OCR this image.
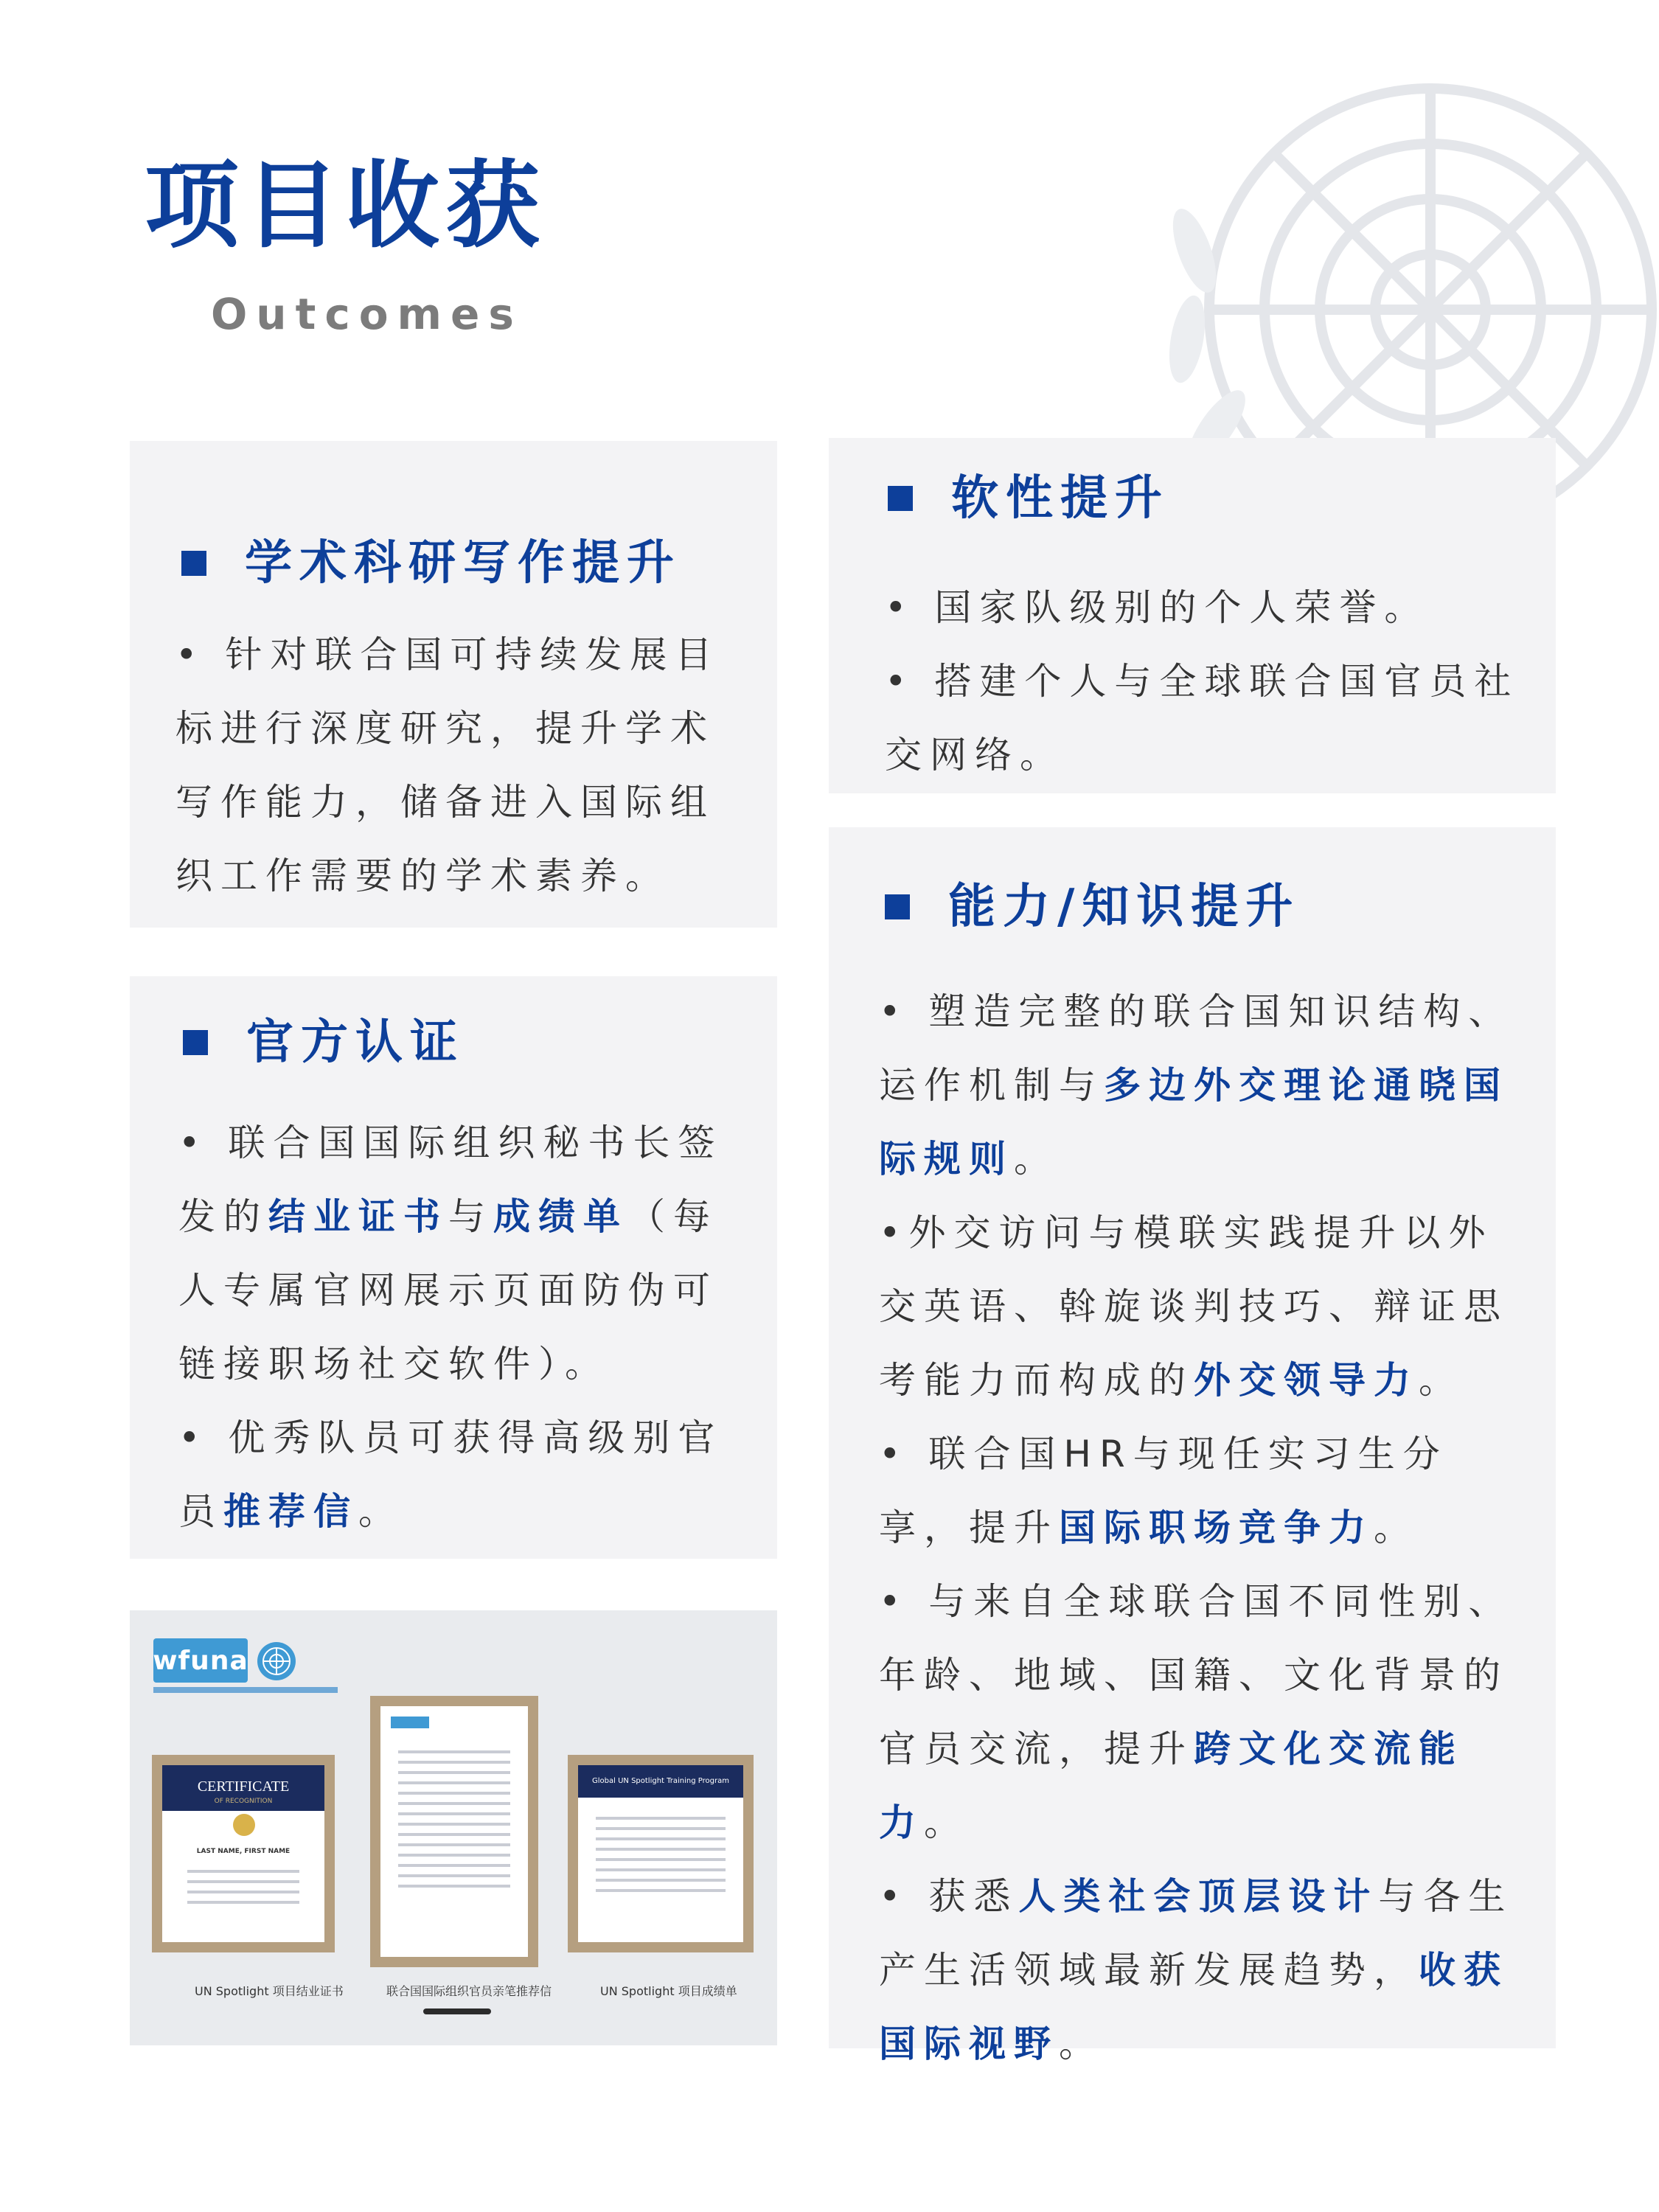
项目收获
Outcomes
学术科研写作提升

• 针对联合国可持续发展目标进行深度研究，提升学术写作能力，储备进入国际组织工作需要的学术素养。

软性提升

• 国家队级别的个人荣誉。

• 搭建个人与全球联合国官员社交网络。

官方认证

• 联合国国际组织秘书长签发的结业证书与成绩单（每人专属官网展示页面防伪可链接职场社交软件）。

• 优秀队员可获得高级别官员推荐信。

能力/知识提升

• 塑造完整的联合国知识结构、运作机制与多边外交理论通晓国际规则。

•外交访问与模联实践提升以外交英语、斡旋谈判技巧、辩证思考能力而构成的外交领导力。

• 联合国HR与现任实习生分享，提升国际职场竞争力。

• 与来自全球联合国不同性别、年龄、地域、国籍、文化背景的官员交流，提升跨文化交流能力。

• 获悉人类社会顶层设计与各生产生活领域最新发展趋势，收获国际视野。

wfuna
CERTIFICATE
OF RECOGNITION
LAST NAME, FIRST NAME
Global UN Spotlight Training Program
UN Spotlight 项目结业证书	联合国国际组织官员亲笔推荐信	UN Spotlight 项目成绩单
